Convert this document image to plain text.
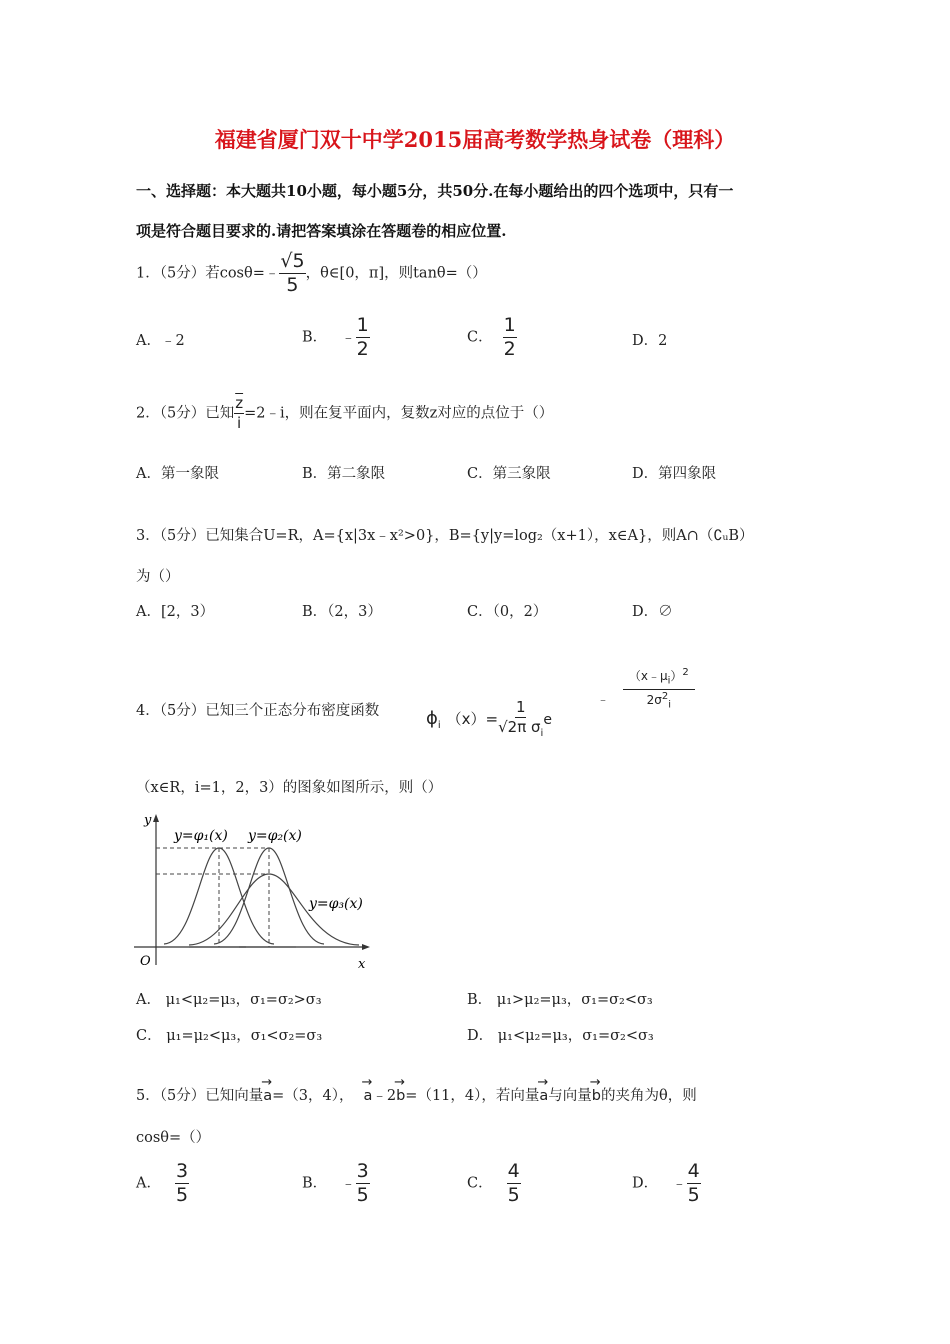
福建省厦门双十中学2015届高考数学热身试卷（理科）
一、选择题：本大题共10小题，每小题5分，共50分.在每小题给出的四个选项中，只有一
项是符合题目要求的.请把答案填涂在答题卷的相应位置.
1．（5分）若cosθ=﹣ $\frac{√5}{5}$ ，θ∈[0，π]，则tanθ=（）
A．﹣2	B． ﹣ $\frac{1}{2}$	C． $\frac{1}{2}$	D．2
2．（5分）已知 $\frac{\overline{z}}{i}$ =2﹣i，则在复平面内，复数z对应的点位于（）
A．第一象限	B．第二象限	C．第三象限	D．第四象限
3．（5分）已知集合U=R，A={x|3x﹣x²>0}，B={y|y=log₂（x+1），x∈A}，则A∩（∁ᵤB）
为（）
A．[2，3）	B．（2，3）	C．（0，2）	D．∅
4．（5分）已知三个正态分布密度函数	$\phi_i$ $(x)= \frac{1}{√2\pi \sigma_i}$ e
﹣ $\frac{(x﹣\mu_i)^2}{2\sigma^2_i}$
（x∈R，i=1，2，3）的图象如图所示，则（）
y
x
O
y=φ₁(x) y=φ₂(x)
y=φ₃(x)
A． μ₁<μ₂=μ₃，σ₁=σ₂>σ₃	B． μ₁>μ₂=μ₃，σ₁=σ₂<σ₃
C． μ₁=μ₂<μ₃，σ₁<σ₂=σ₃	D． μ₁<μ₂=μ₃，σ₁=σ₂<σ₃
5．（5分）已知向量→ a=（3，4）， → a﹣2→ b=（11，4），若向量→ a与向量→ b的夹角为θ，则
cosθ=（）
A． $\frac{3}{5}$	B． ﹣ $\frac{3}{5}$	C． $\frac{4}{5}$	D． ﹣ $\frac{4}{5}$
